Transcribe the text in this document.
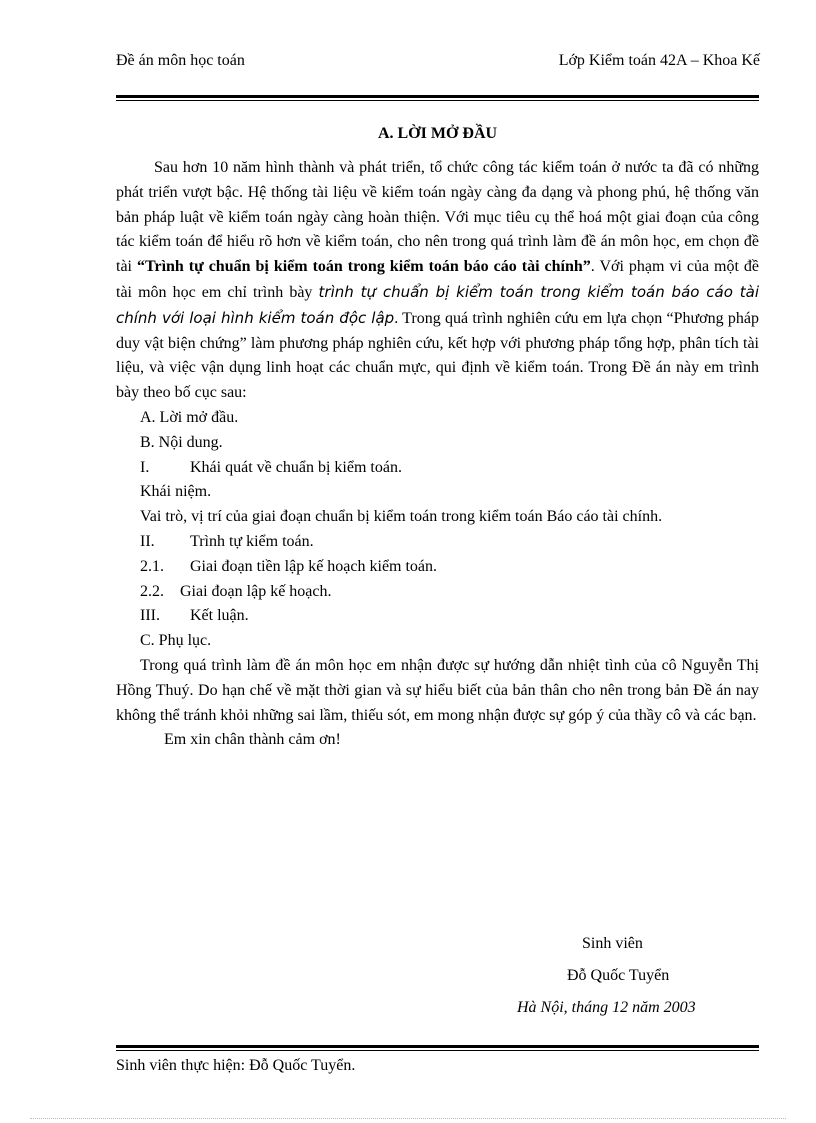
Đề án môn học toán	Lớp Kiểm toán 42A – Khoa Kế
A. LỜI MỞ ĐẦU

Sau hơn 10 năm hình thành và phát triển, tổ chức công tác kiểm toán ở nước ta đã có những phát triển vượt bậc. Hệ thống tài liệu về kiểm toán ngày càng đa dạng và phong phú, hệ thống văn bản pháp luật về kiểm toán ngày càng hoàn thiện. Với mục tiêu cụ thể hoá một giai đoạn của công tác kiểm toán để hiểu rõ hơn về kiểm toán, cho nên trong quá trình làm đề án môn học, em chọn đề tài “Trình tự chuẩn bị kiểm toán trong kiểm toán báo cáo tài chính”. Với phạm vi của một đề tài môn học em chỉ trình bày trình tự chuẩn bị kiểm toán trong kiểm toán báo cáo tài chính với loại hình kiểm toán độc lập. Trong quá trình nghiên cứu em lựa chọn “Phương pháp duy vật biện chứng” làm phương pháp nghiên cứu, kết hợp với phương pháp tổng hợp, phân tích tài liệu, và việc vận dụng linh hoạt các chuẩn mực, qui định về kiểm toán. Trong Đề án này em trình bày theo bố cục sau:

A. Lời mở đầu.

B. Nội dung.

I.	Khái quát về chuẩn bị kiểm toán.

Khái niệm.

Vai trò, vị trí của giai đoạn chuẩn bị kiểm toán trong kiểm toán Báo cáo tài chính.

II.	Trình tự kiểm toán.
2.1.	Giai đoạn tiền lập kế hoạch kiểm toán.
2.2.	Giai đoạn lập kế hoạch.
III.	Kết luận.

C. Phụ lục.

Trong quá trình làm đề án môn học em nhận được sự hướng dẫn nhiệt tình của cô Nguyễn Thị Hồng Thuý. Do hạn chế về mặt thời gian và sự hiểu biết của bản thân cho nên trong bản Đề án nay không thể tránh khỏi những sai lầm, thiếu sót, em mong nhận được sự góp ý của thầy cô và các bạn.

Em xin chân thành cảm ơn!

Sinh viên
Đỗ Quốc Tuyển
Hà Nội, tháng 12 năm 2003
Sinh viên thực hiện: Đỗ Quốc Tuyển.
